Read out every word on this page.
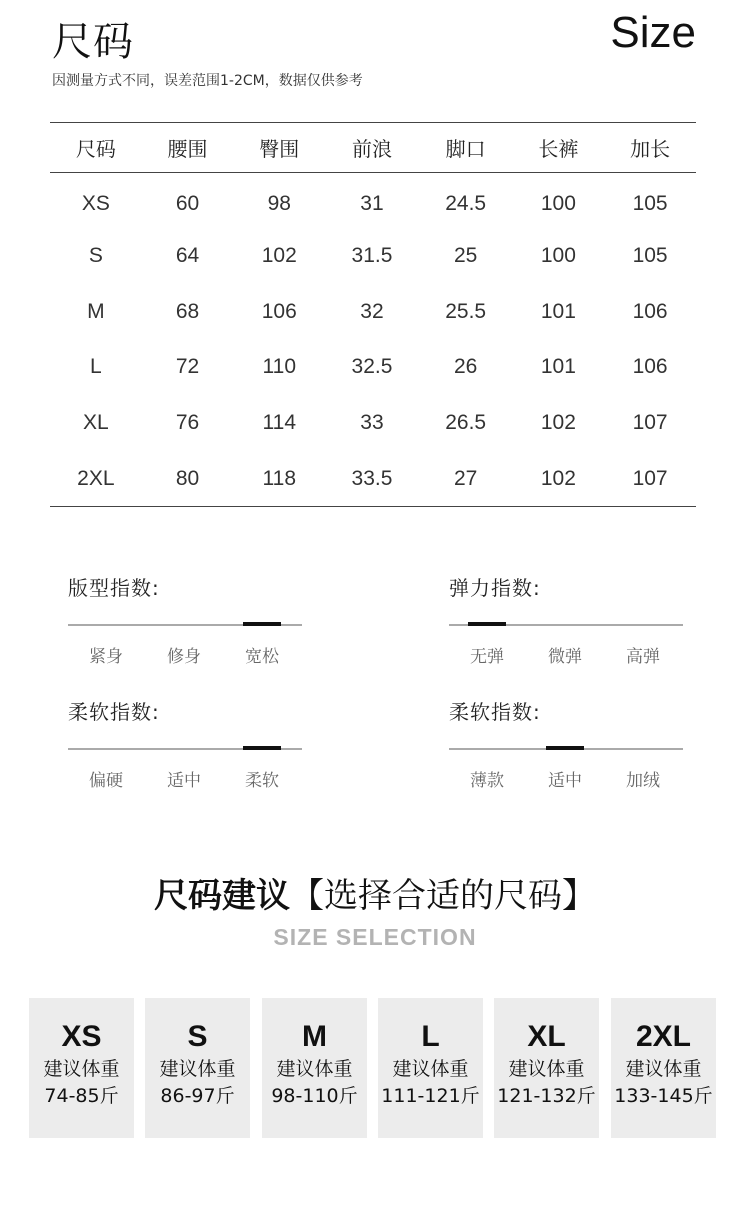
尺码	Size
因测量方式不同，误差范围1-2CM，数据仅供参考
尺码	腰围	臀围	前浪	脚口	长裤	加长
XS	60	98	31	24.5	100	105
S	64	102	31.5	25	100	105
M	68	106	32	25.5	101	106
L	72	110	32.5	26	101	106
XL	76	114	33	26.5	102	107
2XL	80	118	33.5	27	102	107
版型指数:
紧身	修身	宽松
弹力指数:
无弹	微弹	高弹
柔软指数:
偏硬	适中	柔软
柔软指数:
薄款	适中	加绒
尺码建议【选择合适的尺码】
SIZE SELECTION
XS
建议体重
74-85斤
S
建议体重
86-97斤
M
建议体重
98-110斤
L
建议体重
111-121斤
XL
建议体重
121-132斤
2XL
建议体重
133-145斤
